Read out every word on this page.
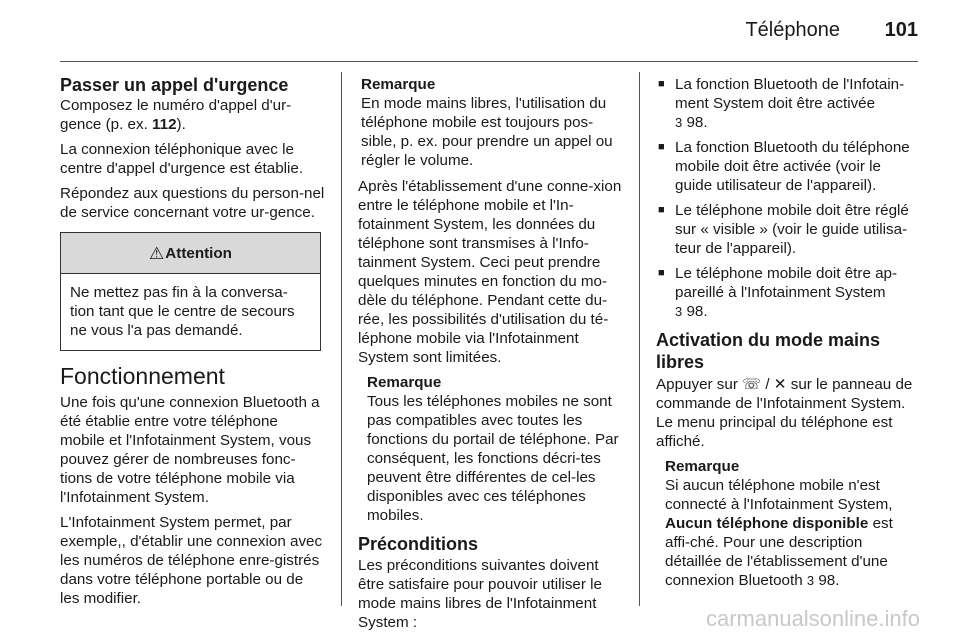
Téléphone 101
Passer un appel d'urgence

Composez le numéro d'appel d'ur-gence (p. ex. 112).

La connexion téléphonique avec le centre d'appel d'urgence est établie.

Répondez aux questions du person-nel de service concernant votre ur-gence.

⚠ Attention
Ne mettez pas fin à la conversa-tion tant que le centre de secours ne vous l'a pas demandé.
Fonctionnement

Une fois qu'une connexion Bluetooth a été établie entre votre téléphone mobile et l'Infotainment System, vous pouvez gérer de nombreuses fonc-tions de votre téléphone mobile via l'Infotainment System.

L'Infotainment System permet, par exemple,, d'établir une connexion avec les numéros de téléphone enre-gistrés dans votre téléphone portable ou de les modifier.

Remarque
En mode mains libres, l'utilisation du téléphone mobile est toujours pos-sible, p. ex. pour prendre un appel ou régler le volume.

Après l'établissement d'une conne-xion entre le téléphone mobile et l'In-fotainment System, les données du téléphone sont transmises à l'Info-tainment System. Ceci peut prendre quelques minutes en fonction du mo-dèle du téléphone. Pendant cette du-rée, les possibilités d'utilisation du té-léphone mobile via l'Infotainment System sont limitées.

Remarque
Tous les téléphones mobiles ne sont pas compatibles avec toutes les fonctions du portail de téléphone. Par conséquent, les fonctions décri-tes peuvent être différentes de cel-les disponibles avec ces téléphones mobiles.
Préconditions

Les préconditions suivantes doivent être satisfaire pour pouvoir utiliser le mode mains libres de l'Infotainment System :

■ La fonction Bluetooth de l'Infotain-ment System doit être activée
3 98.
■ La fonction Bluetooth du téléphone mobile doit être activée (voir le guide utilisateur de l'appareil).
■ Le téléphone mobile doit être réglé sur « visible » (voir le guide utilisa-teur de l'appareil).
■ Le téléphone mobile doit être ap-pareillé à l'Infotainment System
3 98.
Activation du mode mains libres

Appuyer sur ☏ / ✕ sur le panneau de commande de l'Infotainment System. Le menu principal du téléphone est affiché.

Remarque
Si aucun téléphone mobile n'est connecté à l'Infotainment System, Aucun téléphone disponible est affi-ché. Pour une description détaillée de l'établissement d'une connexion Bluetooth 3 98.
carmanualsonline.info
